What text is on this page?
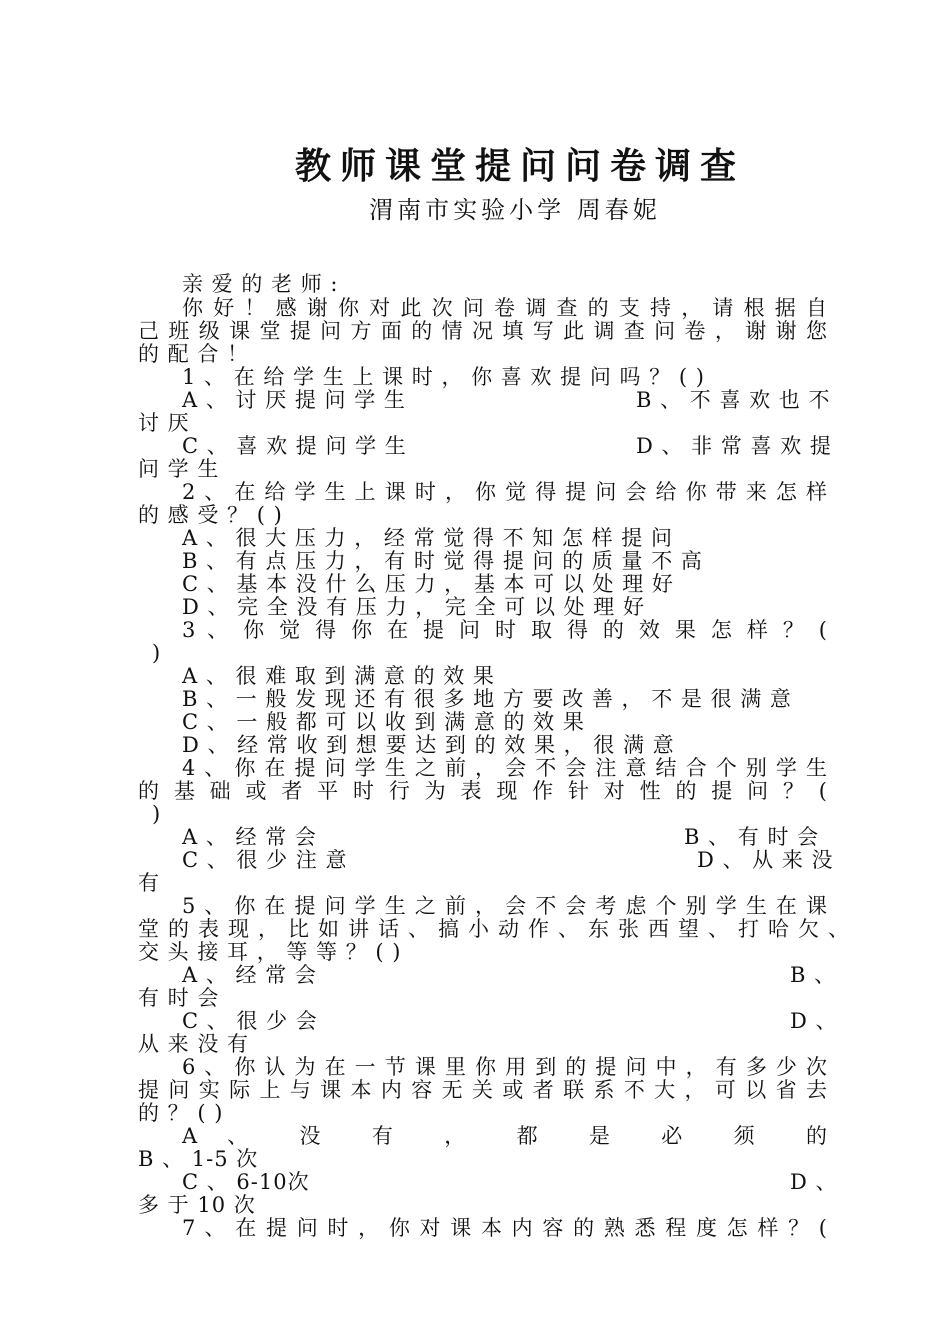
教师课堂提问问卷调查
渭南市实验小学 周春妮
亲 爱 的 老 师 :
你 好 ！ 感 谢 你 对 此 次 问 卷 调 查 的 支 持 ， 请 根 据 自
己 班 级 课 堂 提 问 方 面 的 情 况 填 写 此 调 查 问 卷 ， 谢 谢 您
的 配 合 ！
1 、 在 给 学 生 上 课 时 ， 你 喜 欢 提 问 吗 ？ ( )
A 、 讨 厌 提 问 学 生	B 、 不 喜 欢 也 不
讨 厌
C 、 喜 欢 提 问 学 生	D 、 非 常 喜 欢 提
问 学 生
2 、 在 给 学 生 上 课 时 ， 你 觉 得 提 问 会 给 你 带 来 怎 样
的 感 受 ？ ( )
A 、 很 大 压 力 ， 经 常 觉 得 不 知 怎 样 提 问
B 、 有 点 压 力 ， 有 时 觉 得 提 问 的 质 量 不 高
C 、 基 本 没 什 么 压 力 ， 基 本 可 以 处 理 好
D 、 完 全 没 有 压 力 ， 完 全 可 以 处 理 好
3 、 你 觉 得 你 在 提 问 时 取 得 的 效 果 怎 样 ？ (
)
A 、 很 难 取 到 满 意 的 效 果
B 、 一 般 发 现 还 有 很 多 地 方 要 改 善 ， 不 是 很 满 意
C 、 一 般 都 可 以 收 到 满 意 的 效 果
D 、 经 常 收 到 想 要 达 到 的 效 果 ， 很 满 意
4 、 你 在 提 问 学 生 之 前 ， 会 不 会 注 意 结 合 个 别 学 生
的 基 础 或 者 平 时 行 为 表 现 作 针 对 性 的 提 问 ？ (
)
A 、 经 常 会	B 、 有 时 会
C 、 很 少 注 意	D 、 从 来 没
有
5 、 你 在 提 问 学 生 之 前 ， 会 不 会 考 虑 个 别 学 生 在 课
堂 的 表 现 ， 比 如 讲 话 、 搞 小 动 作 、 东 张 西 望 、 打 哈 欠 、
交 头 接 耳 ， 等 等 ？ ( )
A 、 经 常 会	B 、
有 时 会
C 、 很 少 会	D 、
从 来 没 有
6 、 你 认 为 在 一 节 课 里 你 用 到 的 提 问 中 ， 有 多 少 次
提 问 实 际 上 与 课 本 内 容 无 关 或 者 联 系 不 大 ， 可 以 省 去
的 ？ ( )
A 、 没 有 ， 都 是 必 须 的
B 、 1-5 次
C 、 6-10次	D 、
多 于 10 次
7 、 在 提 问 时 ， 你 对 课 本 内 容 的 熟 悉 程 度 怎 样 ？ (
